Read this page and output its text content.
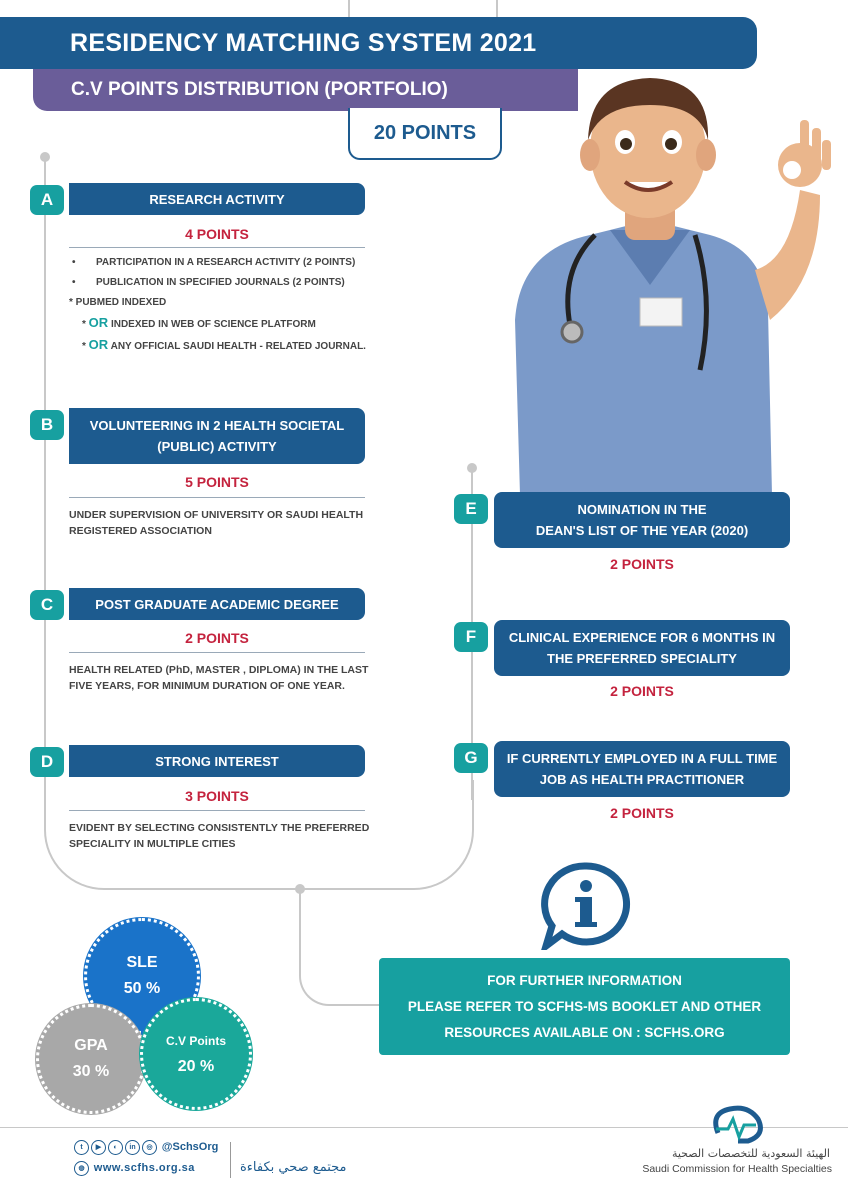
RESIDENCY MATCHING SYSTEM 2021
C.V POINTS DISTRIBUTION (PORTFOLIO)
20 POINTS
A	RESEARCH ACTIVITY
4 POINTS
• PARTICIPATION IN A RESEARCH ACTIVITY (2 POINTS)
• PUBLICATION IN SPECIFIED JOURNALS (2 POINTS)
* PUBMED INDEXED
* OR INDEXED IN WEB OF SCIENCE PLATFORM
* OR ANY OFFICIAL SAUDI HEALTH - RELATED JOURNAL.
B	VOLUNTEERING IN 2 HEALTH SOCIETAL
(PUBLIC) ACTIVITY
5 POINTS
UNDER SUPERVISION OF UNIVERSITY OR SAUDI HEALTH
REGISTERED ASSOCIATION
C	POST GRADUATE ACADEMIC DEGREE
2 POINTS
HEALTH RELATED (PhD, MASTER , DIPLOMA) IN THE LAST
FIVE YEARS, FOR MINIMUM DURATION OF ONE YEAR.
D	STRONG INTEREST
3 POINTS
EVIDENT BY SELECTING CONSISTENTLY THE PREFERRED
SPECIALITY IN MULTIPLE CITIES
E	NOMINATION IN THE
DEAN'S LIST OF THE YEAR (2020)
2 POINTS
F	CLINICAL EXPERIENCE FOR 6 MONTHS IN
THE PREFERRED SPECIALITY
2 POINTS
G	IF CURRENTLY EMPLOYED IN A FULL TIME
JOB AS HEALTH PRACTITIONER
2 POINTS
FOR FURTHER INFORMATION
PLEASE REFER TO SCFHS-MS BOOKLET AND OTHER
RESOURCES AVAILABLE ON : SCFHS.ORG
SLE
50 %
GPA
30 %
C.V Points
20 %
t ▶ ◐ in ◎ @SchsOrg
◍ www.scfhs.org.sa	مجتمع صحي بكفاءة
الهيئة السعودية للتخصصات الصحية
Saudi Commission for Health Specialties
